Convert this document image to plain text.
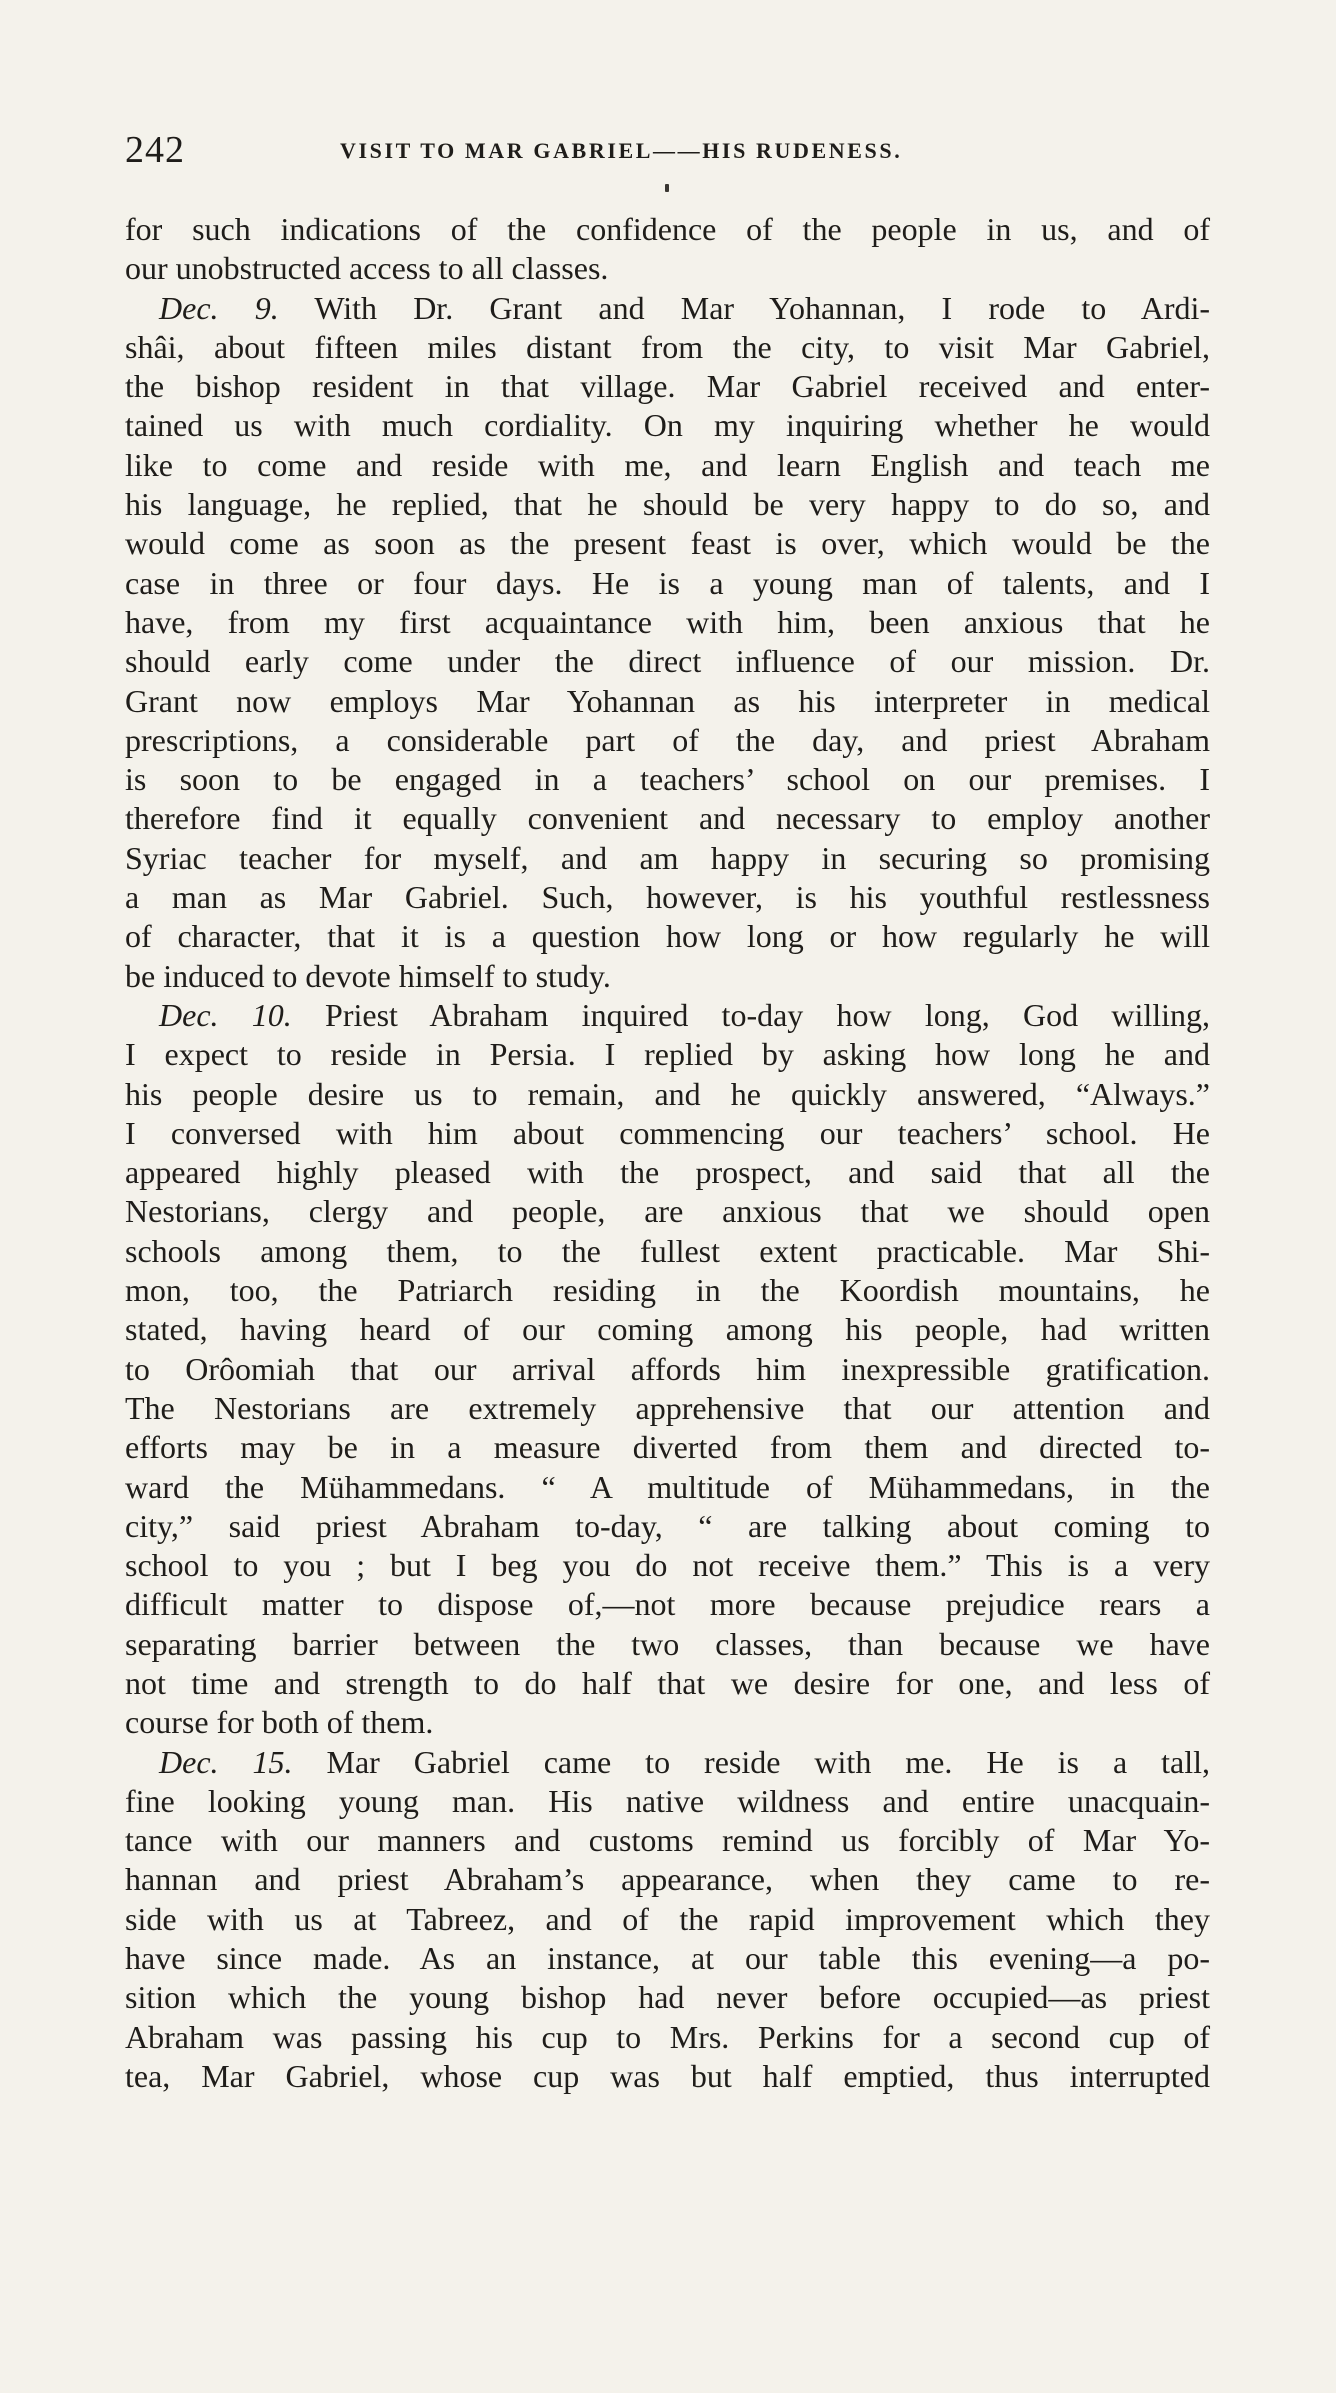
242	VISIT TO MAR GABRIEL——HIS RUDENESS.
for such indications of the confidence of the people in us, and of
our unobstructed access to all classes.
Dec. 9. With Dr. Grant and Mar Yohannan, I rode to Ardi-
shâi, about fifteen miles distant from the city, to visit Mar Gabriel,
the bishop resident in that village. Mar Gabriel received and enter-
tained us with much cordiality. On my inquiring whether he would
like to come and reside with me, and learn English and teach me
his language, he replied, that he should be very happy to do so, and
would come as soon as the present feast is over, which would be the
case in three or four days. He is a young man of talents, and I
have, from my first acquaintance with him, been anxious that he
should early come under the direct influence of our mission. Dr.
Grant now employs Mar Yohannan as his interpreter in medical
prescriptions, a considerable part of the day, and priest Abraham
is soon to be engaged in a teachers’ school on our premises. I
therefore find it equally convenient and necessary to employ another
Syriac teacher for myself, and am happy in securing so promising
a man as Mar Gabriel. Such, however, is his youthful restlessness
of character, that it is a question how long or how regularly he will
be induced to devote himself to study.
Dec. 10. Priest Abraham inquired to-day how long, God willing,
I expect to reside in Persia. I replied by asking how long he and
his people desire us to remain, and he quickly answered, “Always.”
I conversed with him about commencing our teachers’ school. He
appeared highly pleased with the prospect, and said that all the
Nestorians, clergy and people, are anxious that we should open
schools among them, to the fullest extent practicable. Mar Shi-
mon, too, the Patriarch residing in the Koordish mountains, he
stated, having heard of our coming among his people, had written
to Orôomiah that our arrival affords him inexpressible gratification.
The Nestorians are extremely apprehensive that our attention and
efforts may be in a measure diverted from them and directed to-
ward the Mühammedans. “ A multitude of Mühammedans, in the
city,” said priest Abraham to-day, “ are talking about coming to
school to you ; but I beg you do not receive them.” This is a very
difficult matter to dispose of,—not more because prejudice rears a
separating barrier between the two classes, than because we have
not time and strength to do half that we desire for one, and less of
course for both of them.
Dec. 15. Mar Gabriel came to reside with me. He is a tall,
fine looking young man. His native wildness and entire unacquain-
tance with our manners and customs remind us forcibly of Mar Yo-
hannan and priest Abraham’s appearance, when they came to re-
side with us at Tabreez, and of the rapid improvement which they
have since made. As an instance, at our table this evening—a po-
sition which the young bishop had never before occupied—as priest
Abraham was passing his cup to Mrs. Perkins for a second cup of
tea, Mar Gabriel, whose cup was but half emptied, thus interrupted
